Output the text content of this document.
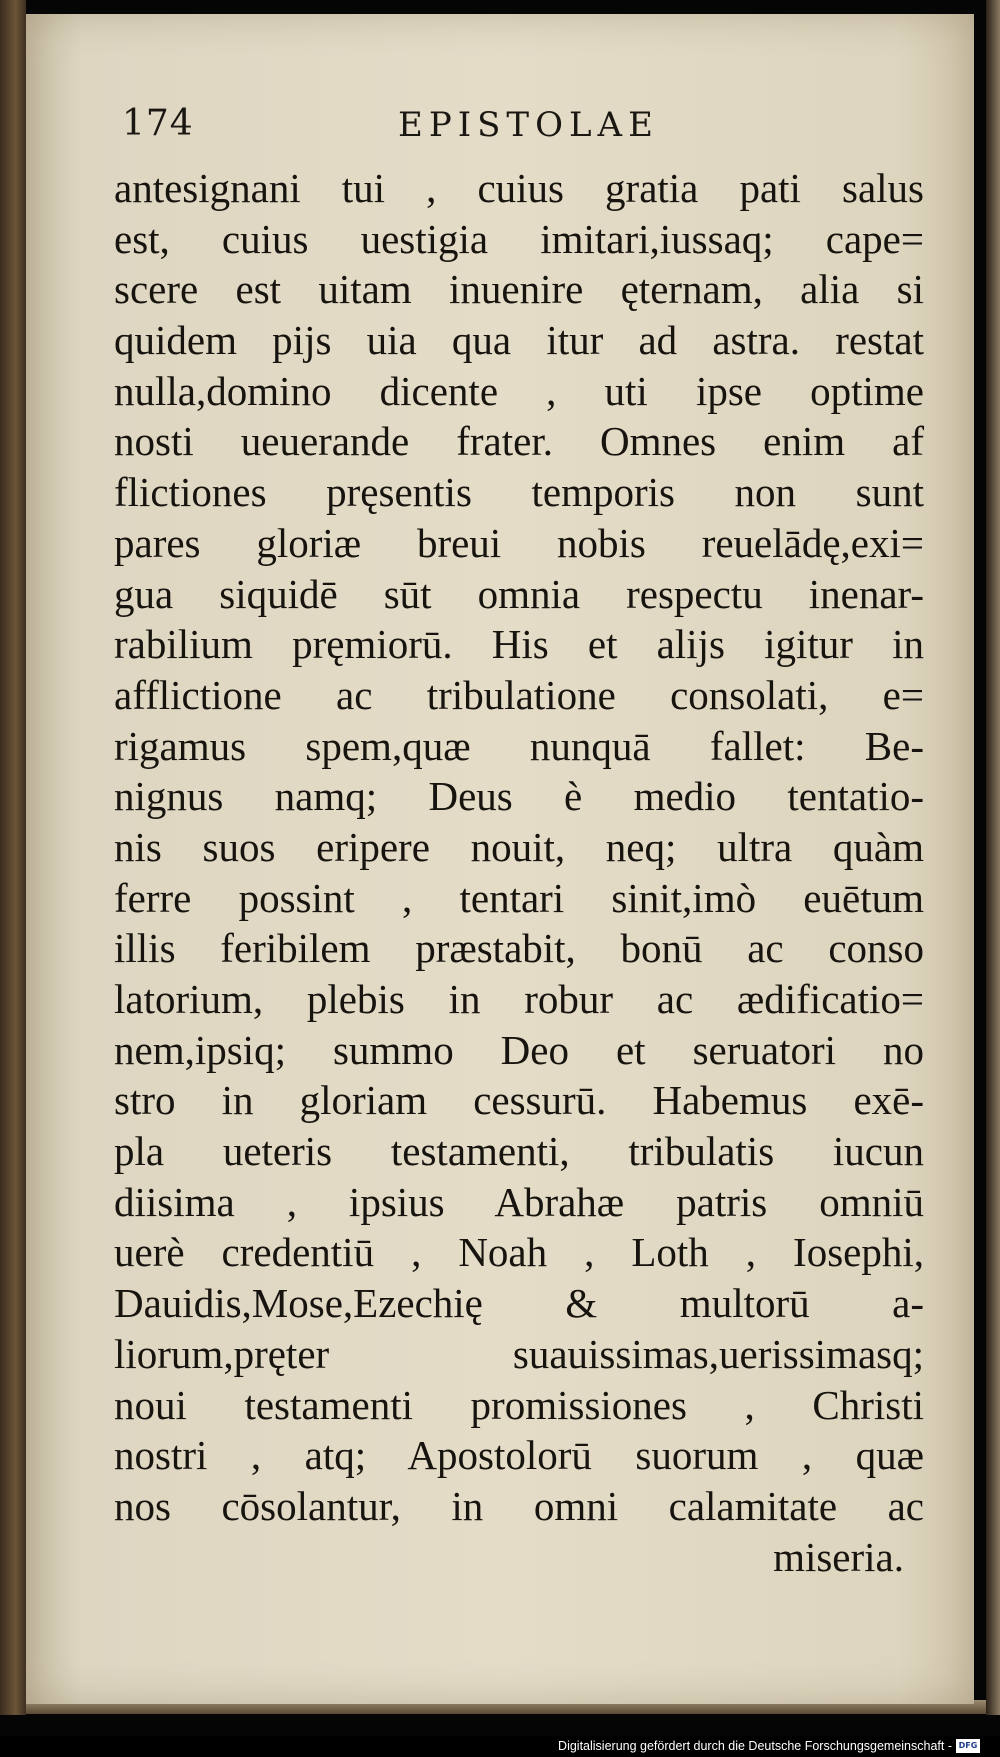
174	EPISTOLAE
antesignani tui , cuius gratia pati salus
est, cuius uestigia imitari,iussaq; cape=
scere est uitam inuenire ęternam, alia si
quidem pijs uia qua itur ad astra. restat
nulla,domino dicente , uti ipse optime
nosti ueuerande frater. Omnes enim af
flictiones pręsentis temporis non sunt
pares gloriæ breui nobis reuelādę,exi=
gua siquidē sūt omnia respectu inenar-
rabilium pręmiorū. His et alijs igitur in
afflictione ac tribulatione consolati, e=
rigamus spem,quæ nunquā fallet: Be-
nignus namq; Deus è medio tentatio-
nis suos eripere nouit, neq; ultra quàm
ferre possint , tentari sinit,imò euētum
illis feribilem præstabit, bonū ac conso
latorium, plebis in robur ac ædificatio=
nem,ipsiq; summo Deo et seruatori no
stro in gloriam cessurū. Habemus exē-
pla ueteris testamenti, tribulatis iucun
diisima , ipsius Abrahæ patris omniū
uerè credentiū , Noah , Loth , Iosephi,
Dauidis,Mose,Ezechię & multorū a-
liorum,pręter suauissimas,uerissimasq;
noui testamenti promissiones , Christi
nostri , atq; Apostolorū suorum , quæ
nos cōsolantur, in omni calamitate ac
miseria.
Digitalisierung gefördert durch die Deutsche Forschungsgemeinschaft - DFG
